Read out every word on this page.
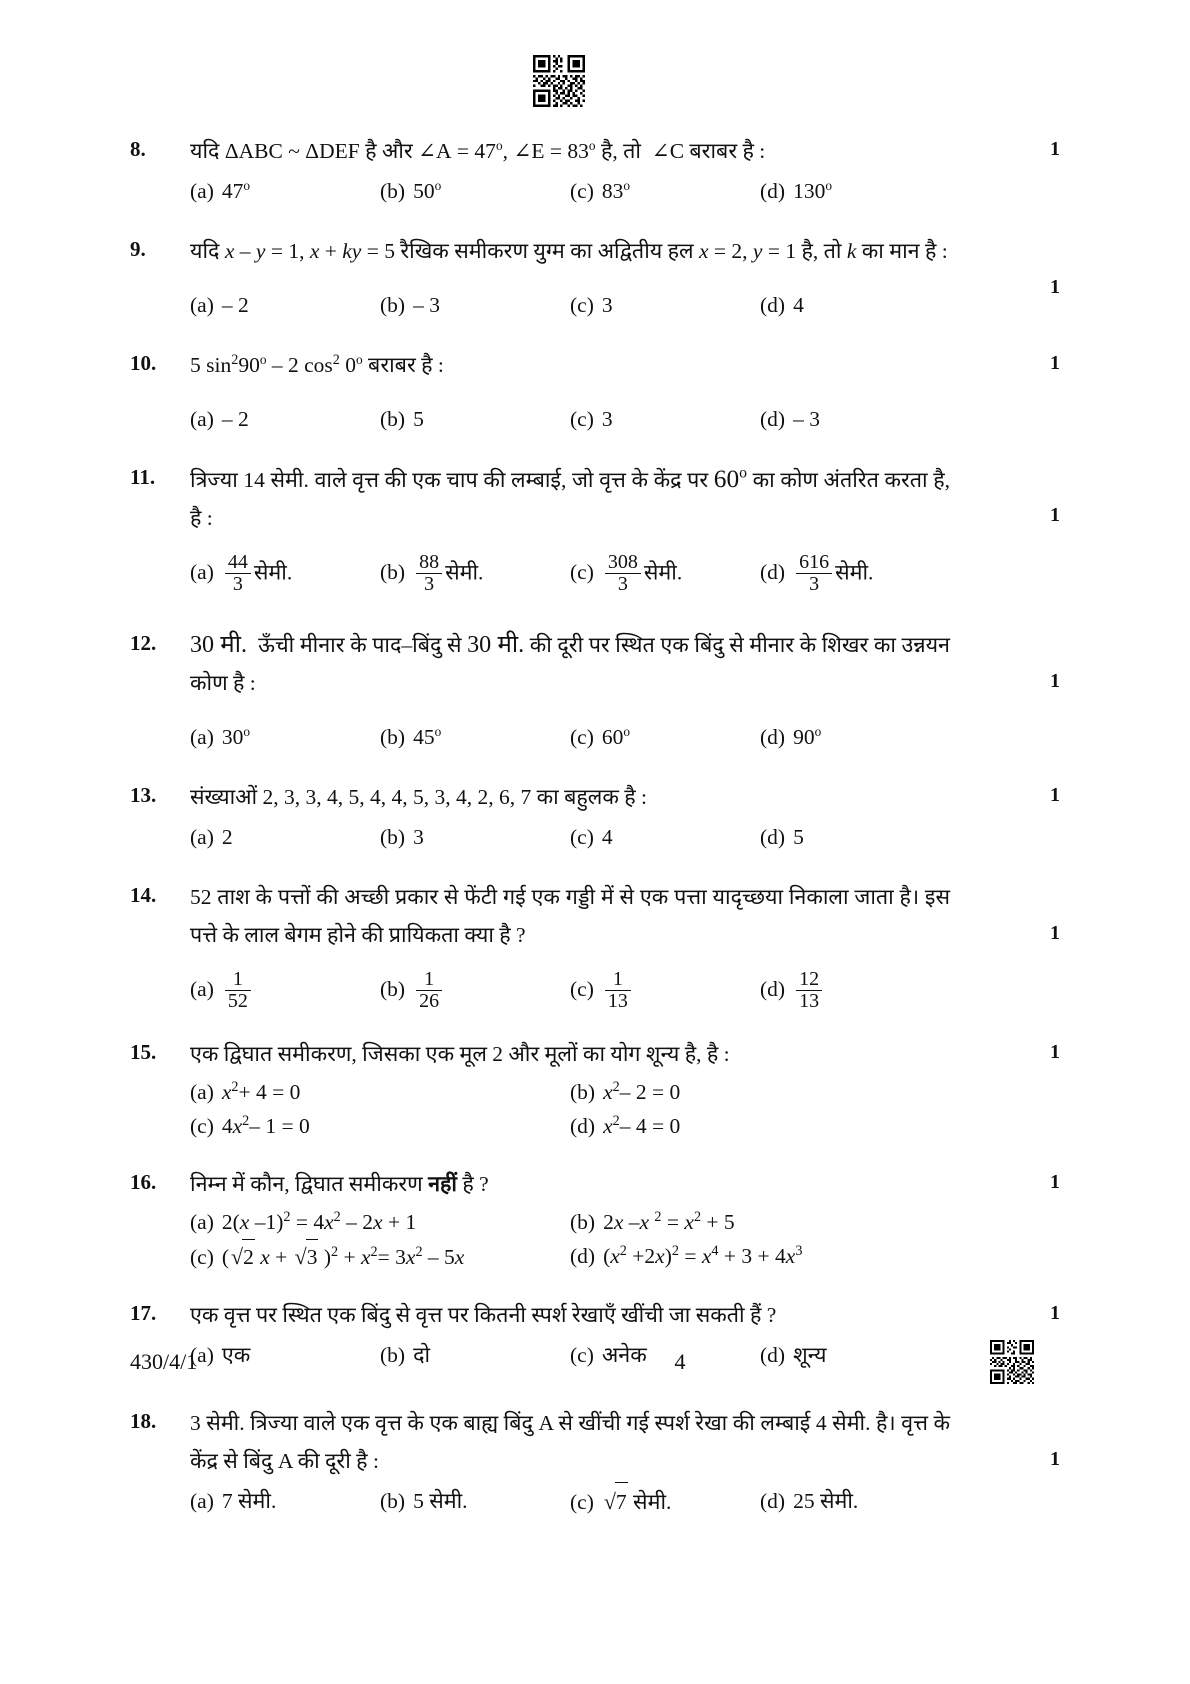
8.	यदि ΔABC ~ ΔDEF है और ∠A = $47^o$, ∠E = $83^o$ है, तो  ∠C बराबर है :
(a) 47$^o$	(b) 50$^o$	(c) 83$^o$	(d) 130$^o$
1
9.	यदि x – y = 1, x + ky = 5 रैखिक समीकरण युग्म का अद्वितीय हल x = 2, y = 1 है, तो k का मान है :
(a) – 2	(b) – 3	(c) 3	(d) 4
1
10.	5 $\sin^290^o - 2$ $\cos^2 0^o$ बराबर है :
(a) – 2	(b) 5	(c) 3	(d) – 3
1
11.	त्रिज्या 14 सेमी. वाले वृत्त की एक चाप की लम्बाई, जो वृत्त के केंद्र पर 60$^o$ का कोण अंतरित करता है, है :
$(a) \frac{44}{3}$ सेमी.	$(b) \frac{88}{3}$ सेमी.	$(c) \frac{308}{3}$ सेमी.	$(d) \frac{616}{3}$ सेमी.
1
12.	30 मी.  ऊँची मीनार के पाद–बिंदु से 30 मी. की दूरी पर स्थित एक बिंदु से मीनार के शिखर का उन्नयन कोण है :
(a) 30$^o$	(b) 45$^o$	(c) 60$^o$	(d) 90$^o$
1
13.	संख्याओं 2, 3, 3, 4, 5, 4, 4, 5, 3, 4, 2, 6, 7 का बहुलक है :
(a) 2	(b) 3	(c) 4	(d) 5
1
14.	52 ताश के पत्तों की अच्छी प्रकार से फेंटी गई एक गड्डी में से एक पत्ता यादृच्छया निकाला जाता है। इस पत्ते के लाल बेगम होने की प्रायिकता क्या है ?
$(a) \frac{1}{52}$	$(b) \frac{1}{26}$	$(c) \frac{1}{13}$	$(d) \frac{12}{13}$
1
15.	एक द्विघात समीकरण, जिसका एक मूल 2 और मूलों का योग शून्य है, है :
(a) $x^2+ 4 = 0$	(b) $x^2-$ 2 = 0
(c) $4x^2-$ 1 = 0	(d) $x^2-$ 4 = 0
1
16.	निम्न में कौन, द्विघात समीकरण नहीं है ?
(a) 2(x $-1)^2 = 4x^2 - 2x + 1$	(b) 2x –x $^2 = x^2 + 5$
(c) (√2 x + √3 )$^2 + x^2= 3x^2 - 5x$	(d) $(x^2 +2x)^2 = x^4 + 3 + 4x^3$
1
17.	एक वृत्त पर स्थित एक बिंदु से वृत्त पर कितनी स्पर्श रेखाएँ खींची जा सकती हैं ?
(a) एक	(b) दो	(c) अनेक	(d) शून्य
1
18.	3 सेमी. त्रिज्या वाले एक वृत्त के एक बाह्य बिंदु A से खींची गई स्पर्श रेखा की लम्बाई 4 सेमी. है। वृत्त के केंद्र से बिंदु A की दूरी है :
(a) 7 सेमी.	(b) 5 सेमी.	(c) √7 सेमी.	(d) 25 सेमी.
1
430/4/1	4
